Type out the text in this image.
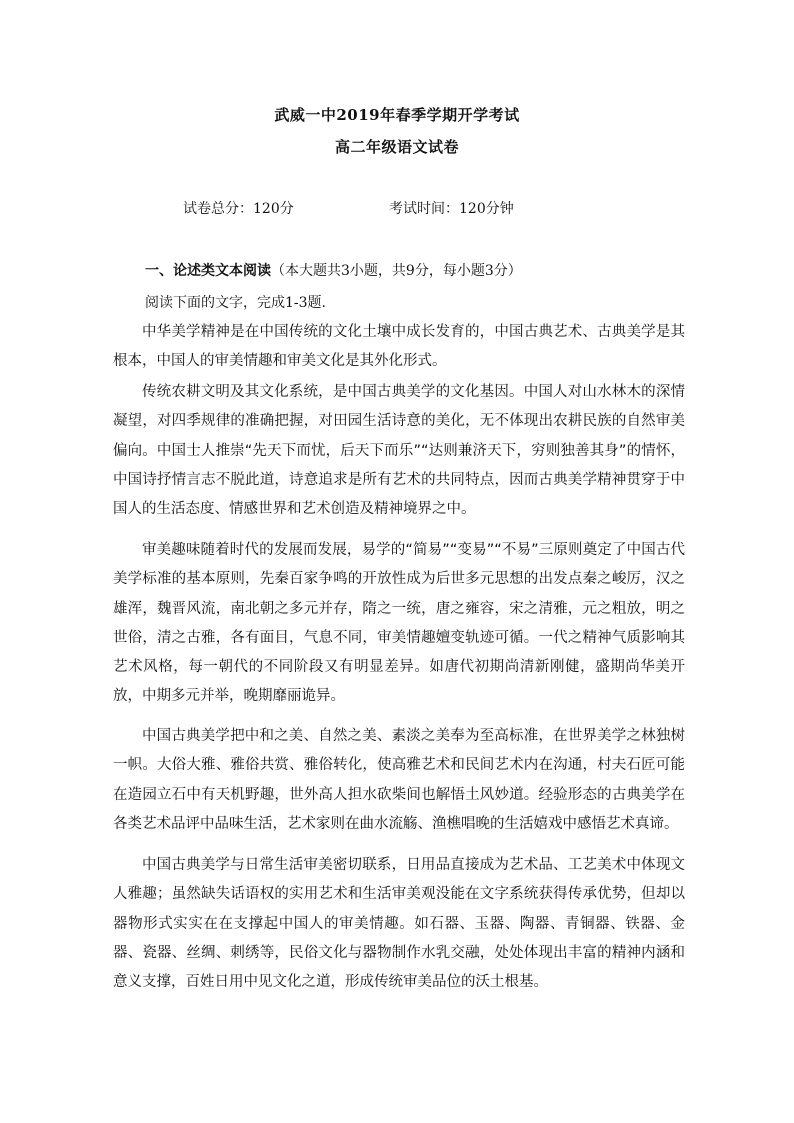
武威一中2019年春季学期开学考试
高二年级语文试卷
试卷总分：120分	考试时间：120分钟
一、论述类文本阅读（本大题共3小题，共9分，每小题3分）
阅读下面的文字，完成1-3题.
中华美学精神是在中国传统的文化土壤中成长发育的，中国古典艺术、古典美学是其根本，中国人的审美情趣和审美文化是其外化形式。
传统农耕文明及其文化系统，是中国古典美学的文化基因。中国人对山水林木的深情凝望，对四季规律的准确把握，对田园生活诗意的美化，无不体现出农耕民族的自然审美偏向。中国士人推崇“先天下而忧，后天下而乐”“达则兼济天下，穷则独善其身”的情怀，中国诗抒情言志不脱此道，诗意追求是所有艺术的共同特点，因而古典美学精神贯穿于中国人的生活态度、情感世界和艺术创造及精神境界之中。
审美趣味随着时代的发展而发展，易学的“简易”“变易”“不易”三原则奠定了中国古代美学标准的基本原则，先秦百家争鸣的开放性成为后世多元思想的出发点秦之峻厉，汉之雄浑，魏晋风流，南北朝之多元并存，隋之一统，唐之雍容，宋之清雅，元之粗放，明之世俗，清之古雅，各有面目，气息不同，审美情趣嬗变轨迹可循。一代之精神气质影响其艺术风格，每一朝代的不同阶段又有明显差异。如唐代初期尚清新刚健，盛期尚华美开放，中期多元并举，晚期靡丽诡异。
中国古典美学把中和之美、自然之美、素淡之美奉为至高标准，在世界美学之林独树一帜。大俗大雅、雅俗共赏、雅俗转化，使高雅艺术和民间艺术内在沟通，村夫石匠可能在造园立石中有天机野趣，世外高人担水砍柴间也解悟土风妙道。经验形态的古典美学在各类艺术品评中品味生活，艺术家则在曲水流觞、渔樵唱晚的生活嬉戏中感悟艺术真谛。
中国古典美学与日常生活审美密切联系，日用品直接成为艺术品、工艺美术中体现文人雅趣；虽然缺失话语权的实用艺术和生活审美观没能在文字系统获得传承优势，但却以器物形式实实在在支撑起中国人的审美情趣。如石器、玉器、陶器、青铜器、铁器、金器、瓷器、丝绸、刺绣等，民俗文化与器物制作水乳交融，处处体现出丰富的精神内涵和意义支撑，百姓日用中见文化之道，形成传统审美品位的沃土根基。
